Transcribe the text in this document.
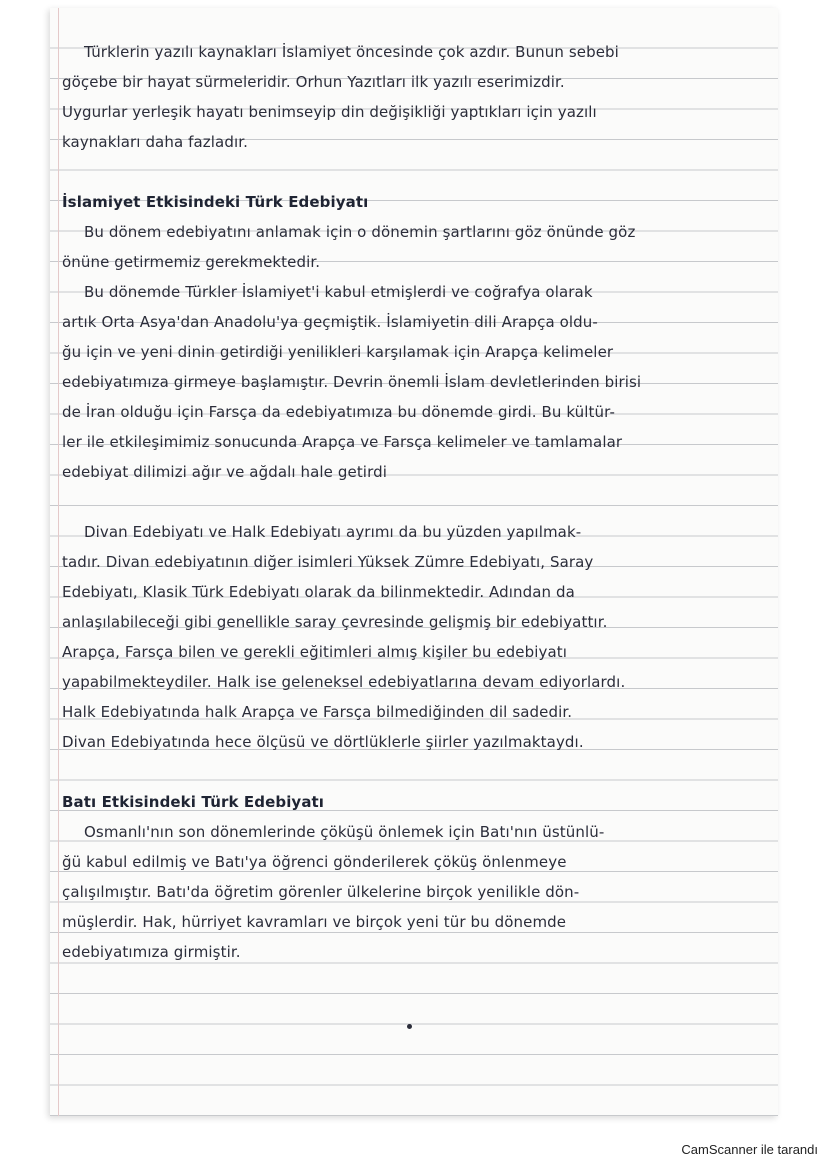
Türklerin yazılı kaynakları İslamiyet öncesinde çok azdır. Bunun sebebi
göçebe bir hayat sürmeleridir. Orhun Yazıtları ilk yazılı eserimizdir.
Uygurlar yerleşik hayatı benimseyip din değişikliği yaptıkları için yazılı
kaynakları daha fazladır.
İslamiyet Etkisindeki Türk Edebiyatı
Bu dönem edebiyatını anlamak için o dönemin şartlarını göz önünde göz
önüne getirmemiz gerekmektedir.
Bu dönemde Türkler İslamiyet'i kabul etmişlerdi ve coğrafya olarak
artık Orta Asya'dan Anadolu'ya geçmiştik. İslamiyetin dili Arapça oldu-
ğu için ve yeni dinin getirdiği yenilikleri karşılamak için Arapça kelimeler
edebiyatımıza girmeye başlamıştır. Devrin önemli İslam devletlerinden birisi
de İran olduğu için Farsça da edebiyatımıza bu dönemde girdi. Bu kültür-
ler ile etkileşimimiz sonucunda Arapça ve Farsça kelimeler ve tamlamalar
edebiyat dilimizi ağır ve ağdalı hale getirdi
Divan Edebiyatı ve Halk Edebiyatı ayrımı da bu yüzden yapılmak-
tadır. Divan edebiyatının diğer isimleri Yüksek Zümre Edebiyatı, Saray
Edebiyatı, Klasik Türk Edebiyatı olarak da bilinmektedir. Adından da
anlaşılabileceği gibi genellikle saray çevresinde gelişmiş bir edebiyattır.
Arapça, Farsça bilen ve gerekli eğitimleri almış kişiler bu edebiyatı
yapabilmekteydiler. Halk ise geleneksel edebiyatlarına devam ediyorlardı.
Halk Edebiyatında halk Arapça ve Farsça bilmediğinden dil sadedir.
Divan Edebiyatında hece ölçüsü ve dörtlüklerle şiirler yazılmaktaydı.
Batı Etkisindeki Türk Edebiyatı
Osmanlı'nın son dönemlerinde çöküşü önlemek için Batı'nın üstünlü-
ğü kabul edilmiş ve Batı'ya öğrenci gönderilerek çöküş önlenmeye
çalışılmıştır. Batı'da öğretim görenler ülkelerine birçok yenilikle dön-
müşlerdir. Hak, hürriyet kavramları ve birçok yeni tür bu dönemde
edebiyatımıza girmiştir.
CamScanner ile tarandı
